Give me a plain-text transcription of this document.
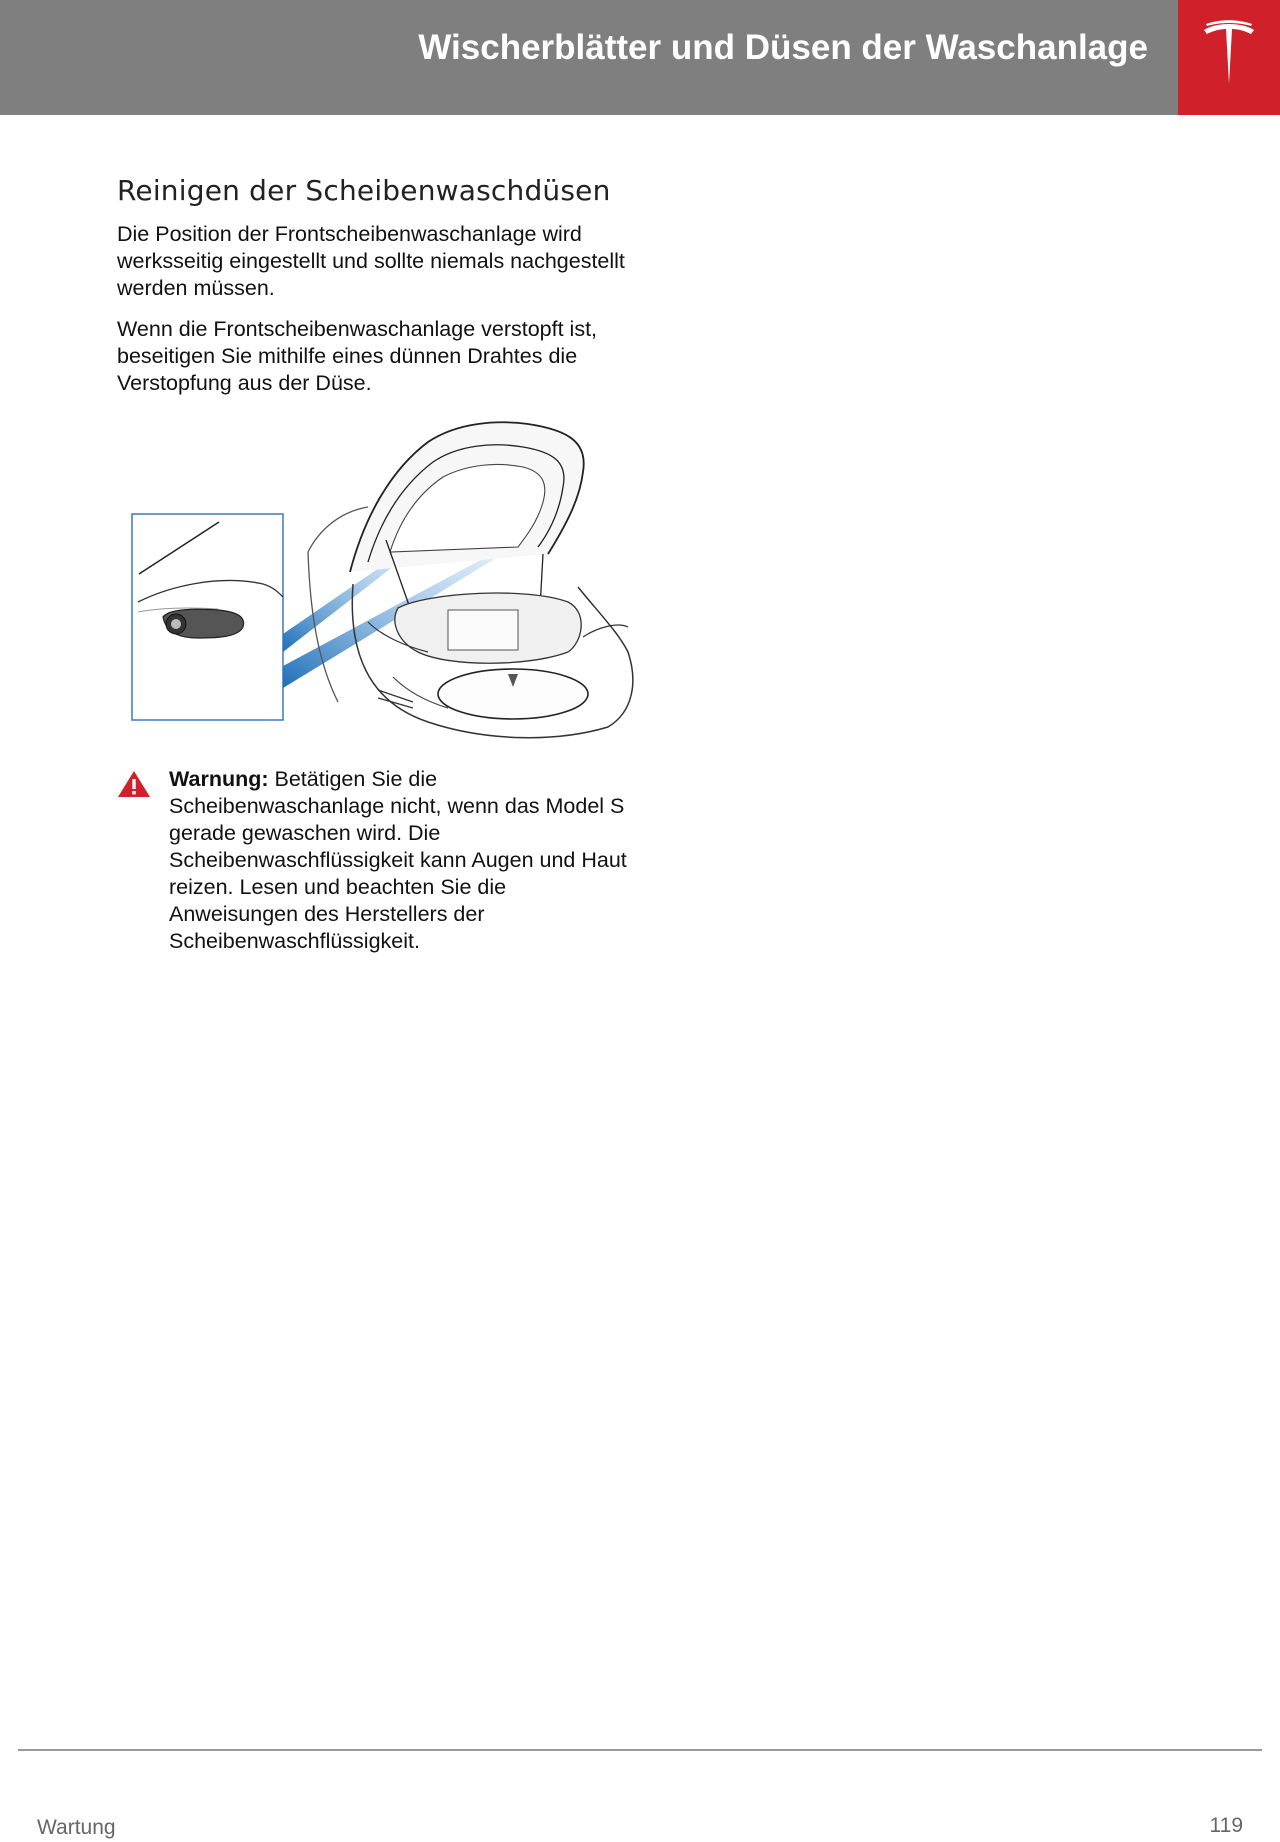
Wischerblätter und Düsen der Waschanlage
Reinigen der Scheibenwaschdüsen

Die Position der Frontscheibenwaschanlage wird werksseitig eingestellt und sollte niemals nachgestellt werden müssen.

Wenn die Frontscheibenwaschanlage verstopft ist, beseitigen Sie mithilfe eines dünnen Drahtes die Verstopfung aus der Düse.

Warnung: Betätigen Sie die Scheibenwaschanlage nicht, wenn das Model S gerade gewaschen wird. Die Scheibenwaschflüssigkeit kann Augen und Haut reizen. Lesen und beachten Sie die Anweisungen des Herstellers der Scheibenwaschflüssigkeit.
Wartung	119
